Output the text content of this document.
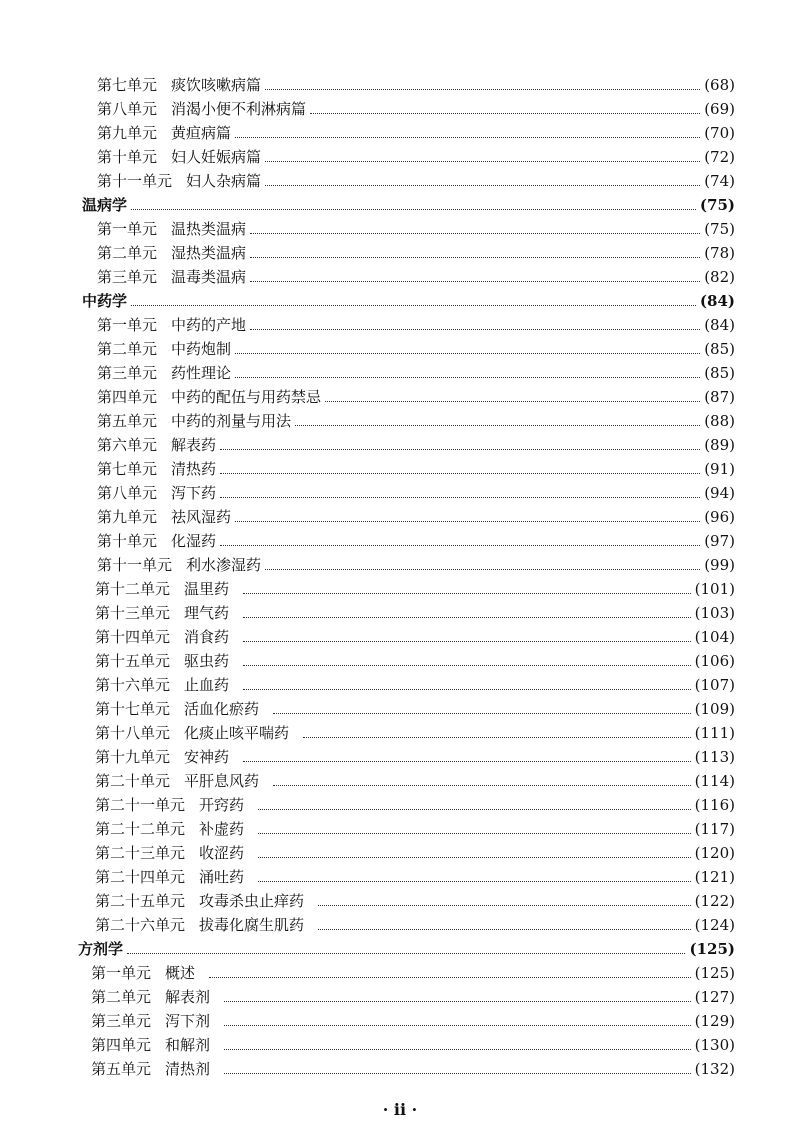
第七单元 痰饮咳嗽病篇	(68)
第八单元 消渴小便不利淋病篇	(69)
第九单元 黄疸病篇	(70)
第十单元 妇人妊娠病篇	(72)
第十一单元 妇人杂病篇	(74)
温病学	(75)
第一单元 温热类温病	(75)
第二单元 湿热类温病	(78)
第三单元 温毒类温病	(82)
中药学	(84)
第一单元 中药的产地	(84)
第二单元 中药炮制	(85)
第三单元 药性理论	(85)
第四单元 中药的配伍与用药禁忌	(87)
第五单元 中药的剂量与用法	(88)
第六单元 解表药	(89)
第七单元 清热药	(91)
第八单元 泻下药	(94)
第九单元 祛风湿药	(96)
第十单元 化湿药	(97)
第十一单元 利水渗湿药	(99)
第十二单元 温里药	(101)
第十三单元 理气药	(103)
第十四单元 消食药	(104)
第十五单元 驱虫药	(106)
第十六单元 止血药	(107)
第十七单元 活血化瘀药	(109)
第十八单元 化痰止咳平喘药	(111)
第十九单元 安神药	(113)
第二十单元 平肝息风药	(114)
第二十一单元 开窍药	(116)
第二十二单元 补虚药	(117)
第二十三单元 收涩药	(120)
第二十四单元 涌吐药	(121)
第二十五单元 攻毒杀虫止痒药	(122)
第二十六单元 拔毒化腐生肌药	(124)
方剂学	(125)
第一单元 概述	(125)
第二单元 解表剂	(127)
第三单元 泻下剂	(129)
第四单元 和解剂	(130)
第五单元 清热剂	(132)
· ii ·
